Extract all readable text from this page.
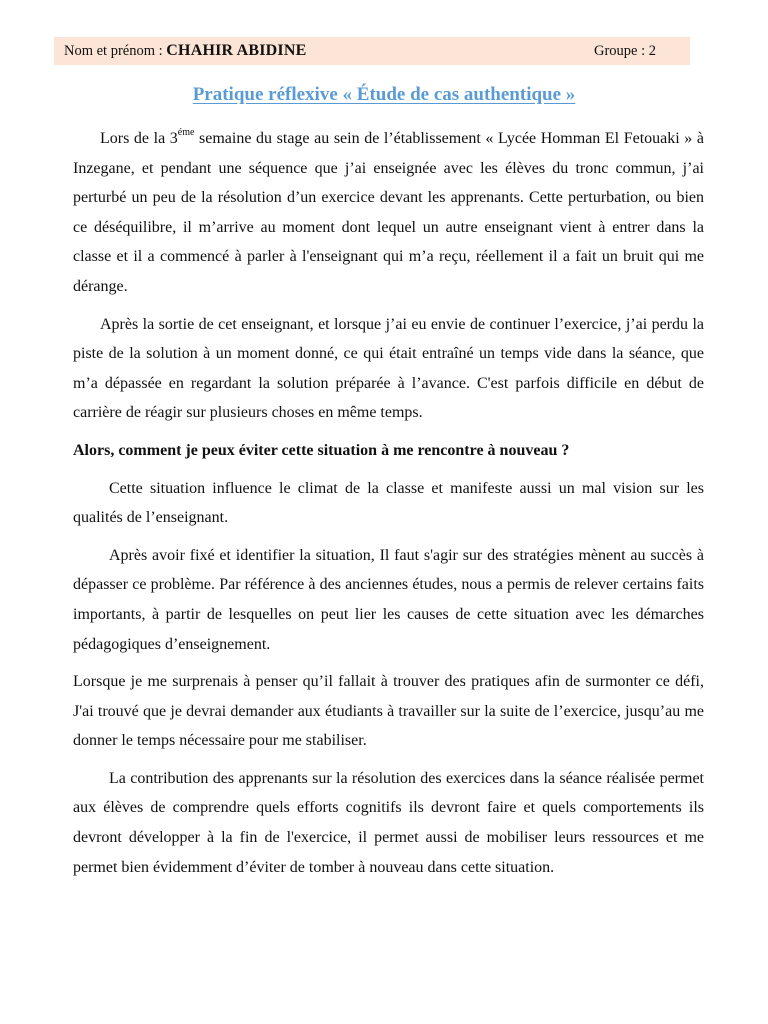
Nom et prénom : CHAHIR ABIDINE	Groupe : 2
Pratique réflexive « Étude de cas authentique »

Lors de la $3^{éme}$ semaine du stage au sein de l’établissement « Lycée Homman El Fetouaki » à Inzegane, et pendant une séquence que j’ai enseignée avec les élèves du tronc commun, j’ai perturbé un peu de la résolution d’un exercice devant les apprenants. Cette perturbation, ou bien ce déséquilibre, il m’arrive au moment dont lequel un autre enseignant vient à entrer dans la classe et il a commencé à parler à l'enseignant qui m’a reçu, réellement il a fait un bruit qui me dérange.

Après la sortie de cet enseignant, et lorsque j’ai eu envie de continuer l’exercice, j’ai perdu la piste de la solution à un moment donné, ce qui était entraîné un temps vide dans la séance, que m’a dépassée en regardant la solution préparée à l’avance. C'est parfois difficile en début de carrière de réagir sur plusieurs choses en même temps.

Alors, comment je peux éviter cette situation à me rencontre à nouveau ?

Cette situation influence le climat de la classe et manifeste aussi un mal vision sur les qualités de l’enseignant.

Après avoir fixé et identifier la situation, Il faut s'agir sur des stratégies mènent au succès à dépasser ce problème. Par référence à des anciennes études, nous a permis de relever certains faits importants, à partir de lesquelles on peut lier les causes de cette situation avec les démarches pédagogiques d’enseignement.

Lorsque je me surprenais à penser qu’il fallait à trouver des pratiques afin de surmonter ce défi, J'ai trouvé que je devrai demander aux étudiants à travailler sur la suite de l’exercice, jusqu’au me donner le temps nécessaire pour me stabiliser.

La contribution des apprenants sur la résolution des exercices dans la séance réalisée permet aux élèves de comprendre quels efforts cognitifs ils devront faire et quels comportements ils devront développer à la fin de l'exercice, il permet aussi de mobiliser leurs ressources et me permet bien évidemment d’éviter de tomber à nouveau dans cette situation.
